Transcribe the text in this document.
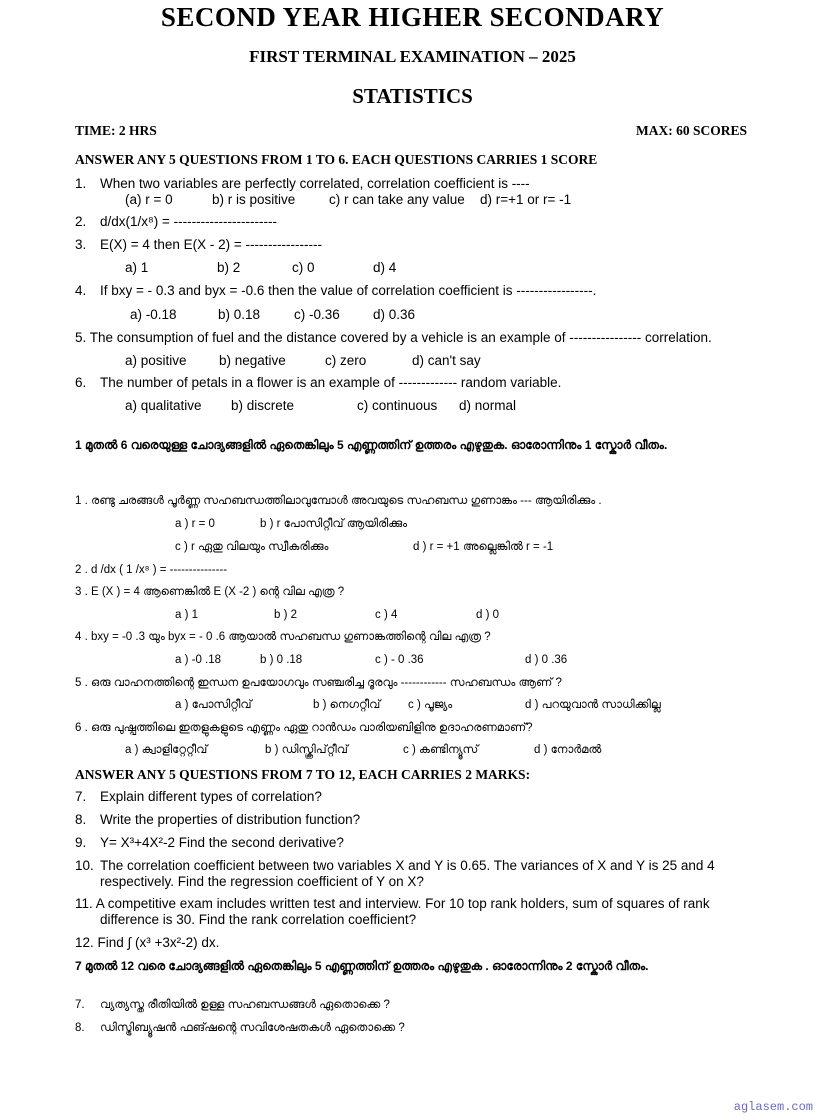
SECOND YEAR HIGHER SECONDARY
FIRST TERMINAL EXAMINATION – 2025
STATISTICS
TIME: 2 HRS	MAX: 60 SCORES
ANSWER ANY 5 QUESTIONS FROM 1 TO 6. EACH QUESTIONS CARRIES 1 SCORE
1. When two variables are perfectly correlated, correlation coefficient is ----
(a) r = 0	b) r is positive c) r can take any value d) r=+1 or r= -1
2. d/dx(1/x⁸) = -----------------------
3. E(X) = 4 then E(X - 2) = -----------------
a) 1	b) 2	c) 0	d) 4
4. If bxy = - 0.3 and byx = -0.6 then the value of correlation coefficient is -----------------.
a) -0.18	b) 0.18	c) -0.36 d) 0.36
5. The consumption of fuel and the distance covered by a vehicle is an example of ---------------- correlation.
a) positive b) negative	c) zero	d) can't say
6. The number of petals in a flower is an example of ------------- random variable.
a) qualitative b) discrete	c) continuous d) normal
1 മുതൽ 6 വരെയുള്ള ചോദ്യങ്ങളിൽ ഏതെങ്കിലും 5 എണ്ണത്തിന് ഉത്തരം എഴുതുക. ഓരോന്നിനും 1 സ്കോർ വീതം.
1 . രണ്ടു ചരങ്ങൾ പൂർണ്ണ സഹബന്ധത്തിലാവുമ്പോൾ അവയുടെ സഹബന്ധ ഗുണാങ്കം --- ആയിരിക്കും .
a ) r = 0	b ) r പോസിറ്റീവ് ആയിരിക്കും
c ) r ഏതു വിലയും സ്വീകരിക്കും	d ) r = +1 അല്ലെങ്കിൽ r = -1
2 . d /dx ( 1 /x⁸ ) = ---------------
3 . E (X ) = 4 ആണെങ്കിൽ E (X -2 ) ന്റെ വില എത്ര ?
a ) 1	b ) 2	c ) 4	d ) 0
4 . bxy = -0 .3 യും byx = - 0 .6 ആയാൽ സഹബന്ധ ഗുണാങ്കത്തിന്റെ വില എത്ര ?
a ) -0 .18	b ) 0 .18	c ) - 0 .36	d ) 0 .36
5 . ഒരു വാഹനത്തിന്റെ ഇന്ധന ഉപയോഗവും സഞ്ചരിച്ച ദൂരവും ------------ സഹബന്ധം ആണ് ?
a ) പോസിറ്റീവ്	b ) നെഗറ്റീവ് c ) പൂജ്യം	d ) പറയുവാൻ സാധിക്കില്ല
6 . ഒരു പുഷ്പത്തിലെ ഇതളുകളുടെ എണ്ണം ഏതു റാൻഡം വാരിയബിളിനു ഉദാഹരണമാണ്?
a ) ക്വാളിറ്റേറ്റീവ്	b ) ഡിസ്ക്രിപ്റ്റീവ്	c ) കണ്ടിന്യൂസ്	d ) നോർമൽ
ANSWER ANY 5 QUESTIONS FROM 7 TO 12, EACH CARRIES 2 MARKS:
7. Explain different types of correlation?
8. Write the properties of distribution function?
9. Y= X³+4X²-2 Find the second derivative?
10. The correlation coefficient between two variables X and Y is 0.65. The variances of X and Y is 25 and 4
respectively. Find the regression coefficient of Y on X?
11. A competitive exam includes written test and interview. For 10 top rank holders, sum of squares of rank
difference is 30. Find the rank correlation coefficient?
12. Find ∫ (x³ +3x²-2) dx.
7 മുതൽ 12 വരെ ചോദ്യങ്ങളിൽ ഏതെങ്കിലും 5 എണ്ണത്തിന് ഉത്തരം എഴുതുക . ഓരോന്നിനും 2 സ്കോർ വീതം.
7. വ്യത്യസ്ത രീതിയിൽ ഉള്ള സഹബന്ധങ്ങൾ ഏതൊക്കെ ?
8. ഡിസ്ട്രിബ്യൂഷൻ ഫങ്ഷന്റെ സവിശേഷതകൾ ഏതൊക്കെ ?
aglasem.com
